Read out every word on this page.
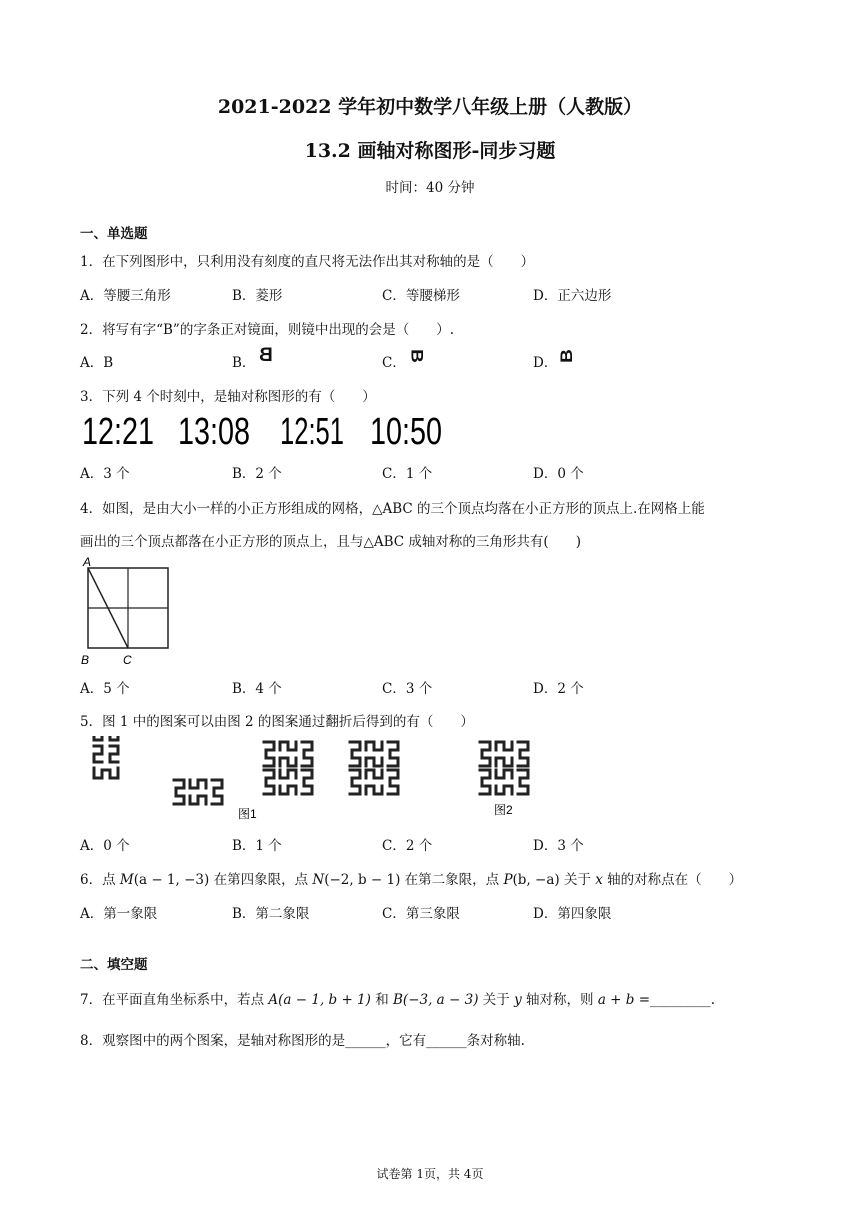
2021-2022 学年初中数学八年级上册（人教版）
13.2 画轴对称图形-同步习题
时间：40 分钟
一、单选题
1．在下列图形中，只利用没有刻度的直尺将无法作出其对称轴的是（　　）
A．等腰三角形	B．菱形	C．等腰梯形	D．正六边形
2．将写有字“B”的字条正对镜面，则镜中出现的会是（　　）.
A．B	B． B	C． B	D． B
3．下列 4 个时刻中，是轴对称图形的有（　　）
12:21 13:08 12:51 10:50
A．3 个	B．2 个	C．1 个	D．0 个
4．如图，是由大小一样的小正方形组成的网格，△ABC 的三个顶点均落在小正方形的顶点上.在网格上能
画出的三个顶点都落在小正方形的顶点上，且与△ABC 成轴对称的三角形共有(　　)
A
B	C
A．5 个	B．4 个	C．3 个	D．2 个
5．图 1 中的图案可以由图 2 的图案通过翻折后得到的有（　　）
图1	图2
A．0 个	B．1 个	C．2 个	D．3 个
6．点 M(a − 1, −3) 在第四象限，点 N(−2, b − 1) 在第二象限，点 P(b, −a) 关于 x 轴的对称点在（　　）
A．第一象限	B．第二象限	C．第三象限	D．第四象限
二、填空题
7．在平面直角坐标系中，若点 A(a − 1, b + 1) 和 B(−3, a − 3) 关于 y 轴对称，则 a + b =_________.
8．观察图中的两个图案，是轴对称图形的是______，它有______条对称轴.
试卷第 1页，共 4页
